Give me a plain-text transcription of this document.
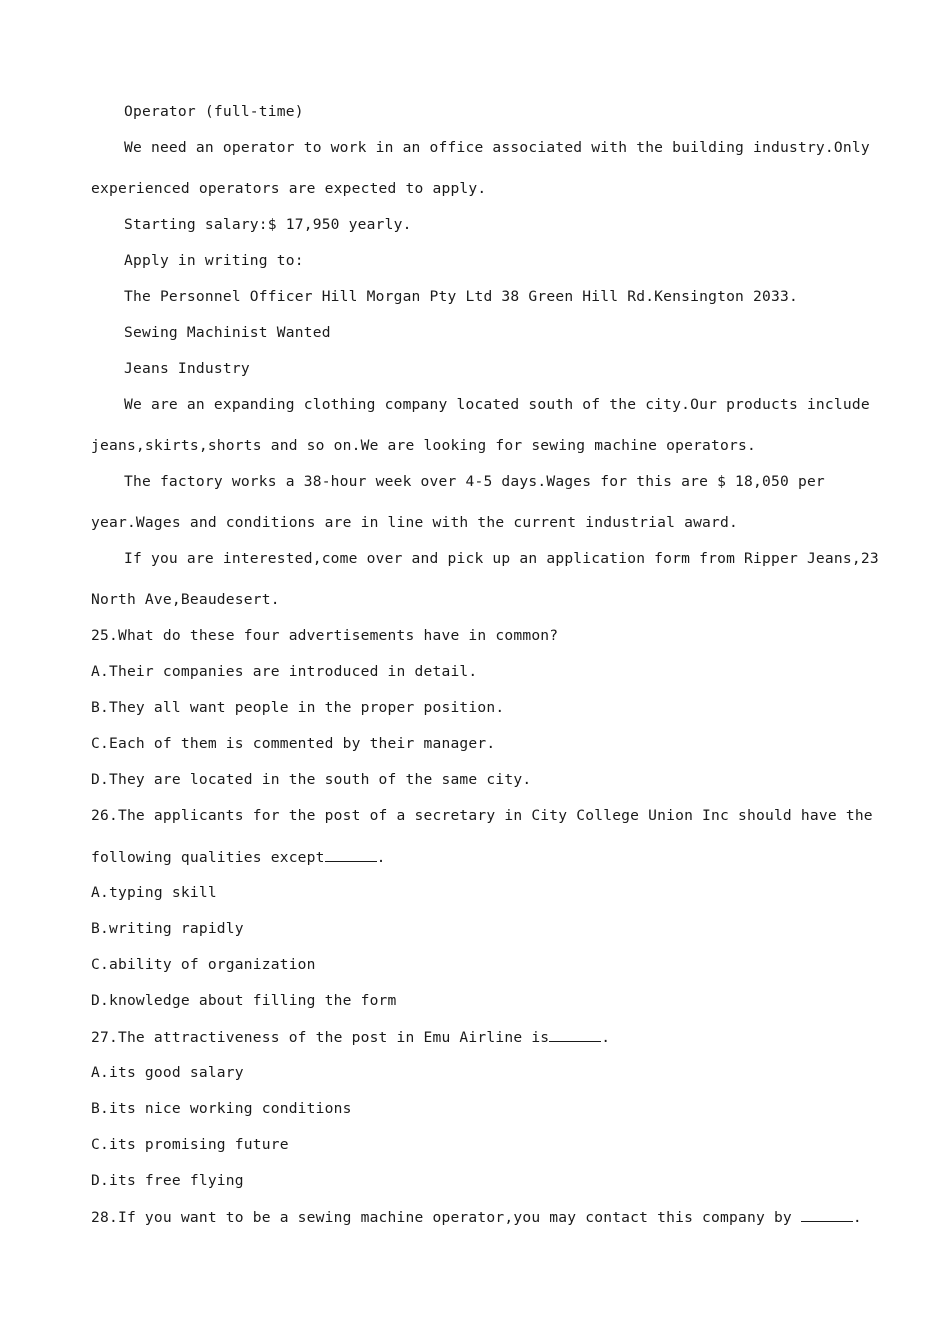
Operator (full-time)
We need an operator to work in an office associated with the building industry.Only
experienced operators are expected to apply.
Starting salary:$ 17,950 yearly.
Apply in writing to:
The Personnel Officer Hill Morgan Pty Ltd 38 Green Hill Rd.Kensington 2033.
Sewing Machinist Wanted
Jeans Industry
We are an expanding clothing company located south of the city.Our products include
jeans,skirts,shorts and so on.We are looking for sewing machine operators.
The factory works a 38-hour week over 4-5 days.Wages for this are $ 18,050 per
year.Wages and conditions are in line with the current industrial award.
If you are interested,come over and pick up an application form from Ripper Jeans,23
North Ave,Beaudesert.
25.What do these four advertisements have in common?
A.Their companies are introduced in detail.
B.They all want people in the proper position.
C.Each of them is commented by their manager.
D.They are located in the south of the same city.
26.The applicants for the post of a secretary in City College Union Inc should have the
following qualities except	.
A.typing skill
B.writing rapidly
C.ability of organization
D.knowledge about filling the form
27.The attractiveness of the post in Emu Airline is	.
A.its good salary
B.its nice working conditions
C.its promising future
D.its free flying
28.If you want to be a sewing machine operator,you may contact this company by	.
